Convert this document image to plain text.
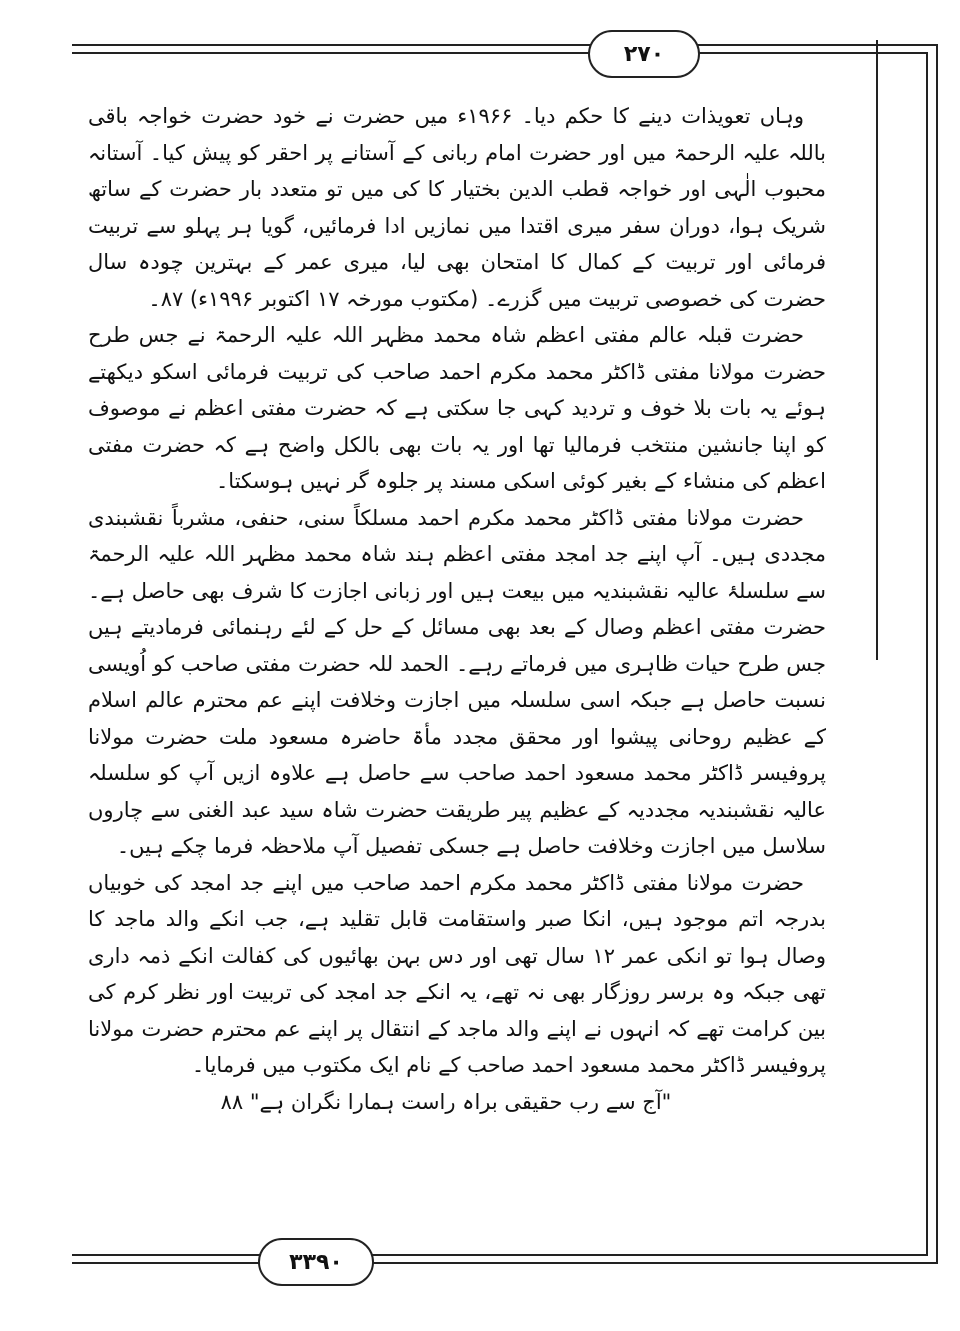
۲۷۰
۳۳۹۰

وہاں تعویذات دینے کا حکم دیا۔ ۱۹۶۶ء میں حضرت نے خود حضرت خواجہ باقی باللہ علیہ الرحمۃ میں اور حضرت امام ربانی کے آستانے پر احقر کو پیش کیا۔ آستانہ محبوب الٰہی اور خواجہ قطب الدین بختیار کا کی میں تو متعدد بار حضرت کے ساتھ شریک ہوا، دوران سفر میری اقتدا میں نمازیں ادا فرمائیں، گویا ہر پہلو سے تربیت فرمائی اور تربیت کے کمال کا امتحان بھی لیا، میری عمر کے بہترین چودہ سال حضرت کی خصوصی تربیت میں گزرے۔ (مکتوب مورخہ ۱۷ اکتوبر ۱۹۹۶ء) ۸۷۔

حضرت قبلہ عالم مفتی اعظم شاہ محمد مظہر اللہ علیہ الرحمۃ نے جس طرح حضرت مولانا مفتی ڈاکٹر محمد مکرم احمد صاحب کی تربیت فرمائی اسکو دیکھتے ہوئے یہ بات بلا خوف و تردید کہی جا سکتی ہے کہ حضرت مفتی اعظم نے موصوف کو اپنا جانشین منتخب فرمالیا تھا اور یہ بات بھی بالکل واضح ہے کہ حضرت مفتی اعظم کی منشاء کے بغیر کوئی اسکی مسند پر جلوہ گر نہیں ہوسکتا۔

حضرت مولانا مفتی ڈاکٹر محمد مکرم احمد مسلکاً سنی، حنفی، مشرباً نقشبندی مجددی ہیں۔ آپ اپنے جد امجد مفتی اعظم ہند شاہ محمد مظہر اللہ علیہ الرحمۃ سے سلسلۂ عالیہ نقشبندیہ میں بیعت ہیں اور زبانی اجازت کا شرف بھی حاصل ہے۔ حضرت مفتی اعظم وصال کے بعد بھی مسائل کے حل کے لئے رہنمائی فرمادیتے ہیں جس طرح حیات ظاہری میں فرماتے رہے۔ الحمد للہ حضرت مفتی صاحب کو اُویسی نسبت حاصل ہے جبکہ اسی سلسلہ میں اجازت وخلافت اپنے عم محترم عالم اسلام کے عظیم روحانی پیشوا اور محقق مجدد مأۃ حاضرہ مسعود ملت حضرت مولانا پروفیسر ڈاکٹر محمد مسعود احمد صاحب سے حاصل ہے علاوہ ازیں آپ کو سلسلہ عالیہ نقشبندیہ مجددیہ کے عظیم پیر طریقت حضرت شاہ سید عبد الغنی سے چاروں سلاسل میں اجازت وخلافت حاصل ہے جسکی تفصیل آپ ملاحظہ فرما چکے ہیں۔

حضرت مولانا مفتی ڈاکٹر محمد مکرم احمد صاحب میں اپنے جد امجد کی خوبیاں بدرجہ اتم موجود ہیں، انکا صبر واستقامت قابل تقلید ہے، جب انکے والد ماجد کا وصال ہوا تو انکی عمر ۱۲ سال تھی اور دس بہن بھائیوں کی کفالت انکے ذمہ داری تھی جبکہ وہ برسر روزگار بھی نہ تھے، یہ انکے جد امجد کی تربیت اور نظر کرم کی بین کرامت تھے کہ انہوں نے اپنے والد ماجد کے انتقال پر اپنے عم محترم حضرت مولانا پروفیسر ڈاکٹر محمد مسعود احمد صاحب کے نام ایک مکتوب میں فرمایا۔

"آج سے رب حقیقی براہ راست ہمارا نگران ہے" ۸۸
